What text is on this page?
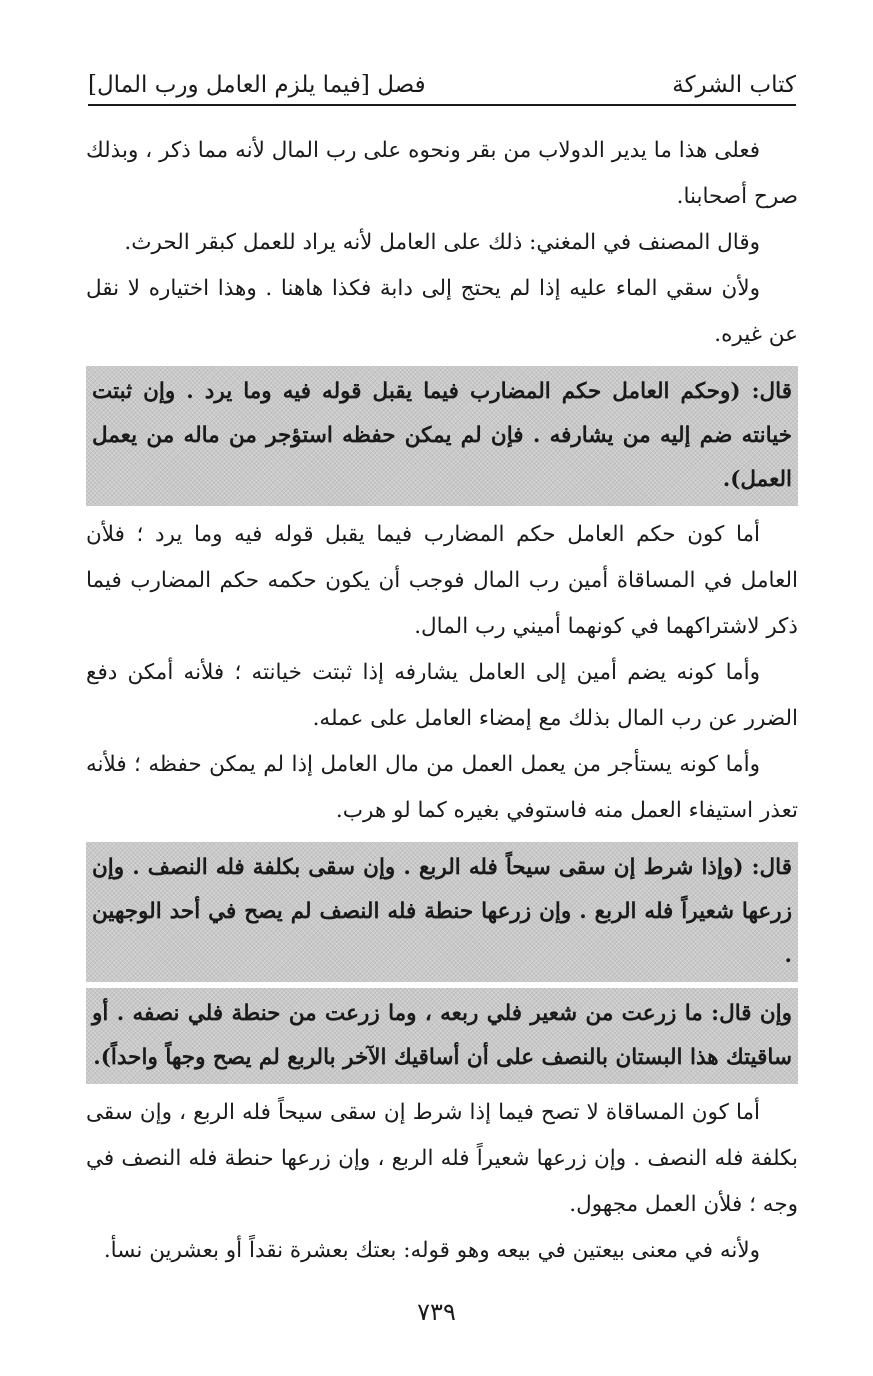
كتاب الشركة
فصل [فيما يلزم العامل ورب المال]

فعلى هذا ما يدير الدولاب من بقر ونحوه على رب المال لأنه مما ذكر ، وبذلك صرح أصحابنا.

وقال المصنف في المغني: ذلك على العامل لأنه يراد للعمل كبقر الحرث.

ولأن سقي الماء عليه إذا لم يحتج إلى دابة فكذا هاهنا . وهذا اختياره لا نقل عن غيره.

قال: (وحكم العامل حكم المضارب فيما يقبل قوله فيه وما يرد . وإن ثبتت خيانته ضم إليه من يشارفه . فإن لم يمكن حفظه استؤجر من ماله من يعمل العمل).

أما كون حكم العامل حكم المضارب فيما يقبل قوله فيه وما يرد ؛ فلأن العامل في المساقاة أمين رب المال فوجب أن يكون حكمه حكم المضارب فيما ذكر لاشتراكهما في كونهما أميني رب المال.

وأما كونه يضم أمين إلى العامل يشارفه إذا ثبتت خيانته ؛ فلأنه أمكن دفع الضرر عن رب المال بذلك مع إمضاء العامل على عمله.

وأما كونه يستأجر من يعمل العمل من مال العامل إذا لم يمكن حفظه ؛ فلأنه تعذر استيفاء العمل منه فاستوفي بغيره كما لو هرب.

قال: (وإذا شرط إن سقى سيحاً فله الربع . وإن سقى بكلفة فله النصف . وإن زرعها شعيراً فله الربع . وإن زرعها حنطة فله النصف لم يصح في أحد الوجهين .

وإن قال: ما زرعت من شعير فلي ربعه ، وما زرعت من حنطة فلي نصفه . أو ساقيتك هذا البستان بالنصف على أن أساقيك الآخر بالربع لم يصح وجهاً واحداً).

أما كون المساقاة لا تصح فيما إذا شرط إن سقى سيحاً فله الربع ، وإن سقى بكلفة فله النصف . وإن زرعها شعيراً فله الربع ، وإن زرعها حنطة فله النصف في وجه ؛ فلأن العمل مجهول.

ولأنه في معنى بيعتين في بيعه وهو قوله: بعتك بعشرة نقداً أو بعشرين نسأ.

٧٣٩
